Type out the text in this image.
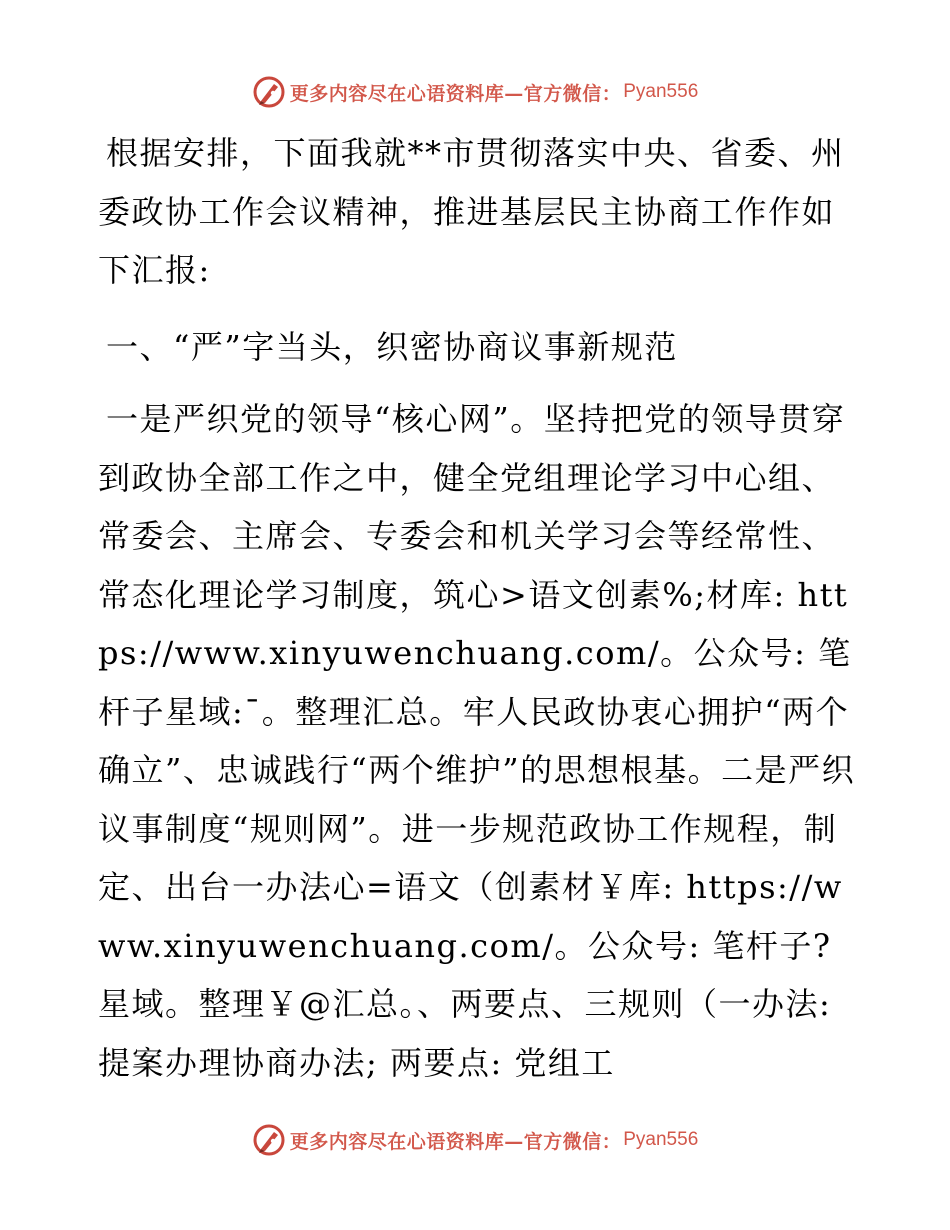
更多内容尽在心语资料库—官方微信： Pyan556

根据安排，下面我就**市贯彻落实中央、省委、州委政协工作会议精神，推进基层民主协商工作作如下汇报:

一、“严”字当头，织密协商议事新规范

一是严织党的领导“核心网”。坚持把党的领导贯穿到政协全部工作之中，健全党组理论学习中心组、常委会、主席会、专委会和机关学习会等经常性、常态化理论学习制度，筑心>语文创素%;材库: https://www.xinyuwenchuang.com/。公众号: 笔杆子星域:¯。整理汇总。牢人民政协衷心拥护“两个确立”、忠诚践行“两个维护”的思想根基。二是严织议事制度“规则网”。进一步规范政协工作规程，制定、出台一办法心=语文（创素材￥库: https://www.xinyuwenchuang.com/。公众号: 笔杆子?星域。整理￥@汇总。、两要点、三规则（一办法: 提案办理协商办法; 两要点: 党组工

更多内容尽在心语资料库—官方微信： Pyan556
